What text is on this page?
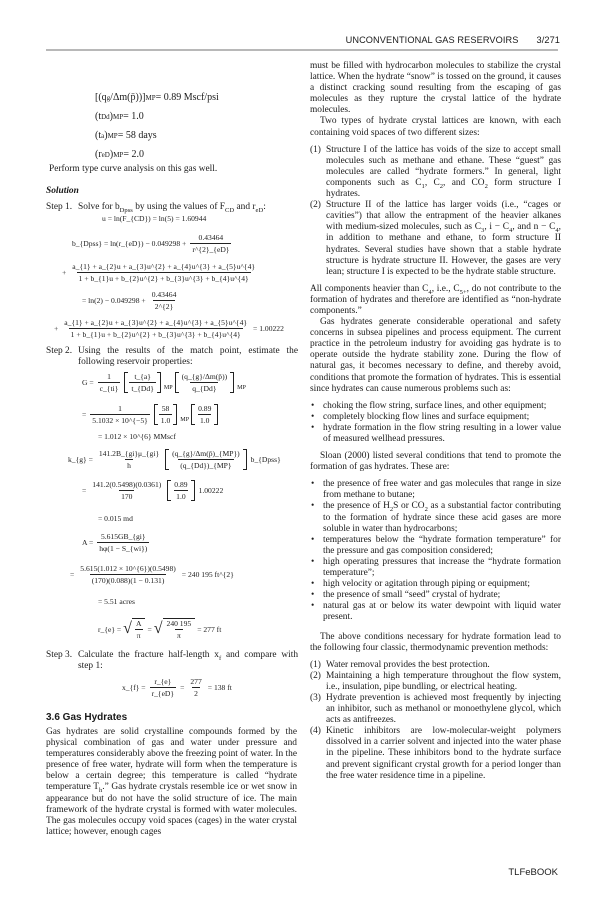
UNCONVENTIONAL GAS RESERVOIRS 3/271
[(q g /Δm(p̄))] MP = 0.89 Mscf/psi
(t Dd ) MP = 1.0
(t a ) MP = 58 days
(r eD ) MP = 2.0
Perform type curve analysis on this gas well.
Solution
Step 1. Solve for $b_{Dpss}$ by using the values of $F_{CD}$ and $r_{eD}$:
u = ln(F_{CD}) = ln(5) = 1.60944
b_{Dpss} = ln(r_{eD}) − $0.049298 + \frac{0.43464}{r\^{}\{2\}\_\{eD\}}$
+ $\frac{a\_\{1\} + a\_\{2\}u + a\_\{3\}u\^{}\{2\} + a\_\{4\}u\^{}\{3\} + a\_\{5\}u\^{}\{4\}}{1 + b\_\{1\}u + b\_\{2\}u\^{}\{2\} + b\_\{3\}u\^{}\{3\} + b\_\{4\}u\^{}\{4\}}$
= $\ln(2) - 0.049298 + \frac{0.43464}{2\^{}\{2\}}$
+ $\frac{a\_\{1\} + a\_\{2\}u + a\_\{3\}u\^{}\{2\} + a\_\{4\}u\^{}\{3\} + a\_\{5\}u\^{}\{4\}}{1 + b\_\{1\}u + b\_\{2\}u\^{}\{2\} + b\_\{3\}u\^{}\{3\} + b\_\{4\}u\^{}\{4\}} = 1.00222$
Step 2. Using the results of the match point, estimate the following reservoir properties:
$G = \frac{1}{c\_\{ti\}} \frac{t\_\{a\}}{t\_\{Dd\}}$ MP $\frac{(q\_\{g\}/\Delta m(p̄))}{q\_\{Dd\}}$ MP
= $\frac{1}{5.1032 \times 10\^{}\{-5\}} \frac{58}{1.0}$ MP $\frac{0.89}{1.0}$
= 1.012 × 10^{6} MMscf
k_{g} = $\frac{141.2B\_\{gi\}\mu\_\{gi\}}{h} \frac{(q\_\{g\}/\Delta m(p̄)\_\{MP\})}{(q\_\{Dd\})\_\{MP\}}$ b_{Dpss}
= $\frac{141.2(0.5498)(0.0361)}{170} \frac{0.89}{1.0} 1.00222$
= 0.015 md
$A = \frac{5.615GB\_\{gi\}}{h\varphi(1 - S\_\{wi\})}$
= $\frac{5.615(1.012 \times 10\^{}\{6\})(0.5498)}{(170)(0.088)(1 - 0.131)} = 240$ 195 ft^{2}
= 5.51 acres
r_{e} = √ $\frac{A}{\pi}$ = √ $\frac{240 195}{\pi} = 277$ ft
Step 3. Calculate the fracture half-length $x_f$ and compare with step 1:
x_{f} = $\frac{r\_\{e\}}{r\_\{eD\}} = \frac{277}{2} = 138$ ft
3.6 Gas Hydrates
Gas hydrates are solid crystalline compounds formed by the physical combination of gas and water under pressure and temperatures considerably above the freezing point of water. In the presence of free water, hydrate will form when the temperature is below a certain degree; this temperature is called “hydrate temperature $T_h$.” Gas hydrate crystals resemble ice or wet snow in appearance but do not have the solid structure of ice. The main framework of the hydrate crystal is formed with water molecules. The gas molecules occupy void spaces (cages) in the water crystal lattice; however, enough cages

must be filled with hydrocarbon molecules to stabilize the crystal lattice. When the hydrate “snow” is tossed on the ground, it causes a distinct cracking sound resulting from the escaping of gas molecules as they rupture the crystal lattice of the hydrate molecules.

Two types of hydrate crystal lattices are known, with each containing void spaces of two different sizes:

(1) Structure I of the lattice has voids of the size to accept small molecules such as methane and ethane. These “guest” gas molecules are called “hydrate formers.” In general, light components such as $C_1$, $C_2$, and $CO_2$ form structure I hydrates.
(2) Structure II of the lattice has larger voids (i.e., “cages or cavities”) that allow the entrapment of the heavier alkanes with medium-sized molecules, such as $C_3$, $i - C_4$, and $n - C_4$, in addition to methane and ethane, to form structure II hydrates. Several studies have shown that a stable hydrate structure is hydrate structure II. However, the gases are very lean; structure I is expected to be the hydrate stable structure.

All components heavier than $C_4$, i.e., $C_{5+}$, do not contribute to the formation of hydrates and therefore are identified as “non-hydrate components.”

Gas hydrates generate considerable operational and safety concerns in subsea pipelines and process equipment. The current practice in the petroleum industry for avoiding gas hydrate is to operate outside the hydrate stability zone. During the flow of natural gas, it becomes necessary to define, and thereby avoid, conditions that promote the formation of hydrates. This is essential since hydrates can cause numerous problems such as:

• choking the flow string, surface lines, and other equipment;
• completely blocking flow lines and surface equipment;
• hydrate formation in the flow string resulting in a lower value of measured wellhead pressures.

Sloan (2000) listed several conditions that tend to promote the formation of gas hydrates. These are:

• the presence of free water and gas molecules that range in size from methane to butane;
• the presence of $H_2S$ or $CO_2$ as a substantial factor contributing to the formation of hydrate since these acid gases are more soluble in water than hydrocarbons;
• temperatures below the “hydrate formation temperature” for the pressure and gas composition considered;
• high operating pressures that increase the “hydrate formation temperature”;
• high velocity or agitation through piping or equipment;
• the presence of small “seed” crystal of hydrate;
• natural gas at or below its water dewpoint with liquid water present.

The above conditions necessary for hydrate formation lead to the following four classic, thermodynamic prevention methods:

(1) Water removal provides the best protection.
(2) Maintaining a high temperature throughout the flow system, i.e., insulation, pipe bundling, or electrical heating.
(3) Hydrate prevention is achieved most frequently by injecting an inhibitor, such as methanol or monoethylene glycol, which acts as antifreezes.
(4) Kinetic inhibitors are low-molecular-weight polymers dissolved in a carrier solvent and injected into the water phase in the pipeline. These inhibitors bond to the hydrate surface and prevent significant crystal growth for a period longer than the free water residence time in a pipeline.
TLFeBOOK
